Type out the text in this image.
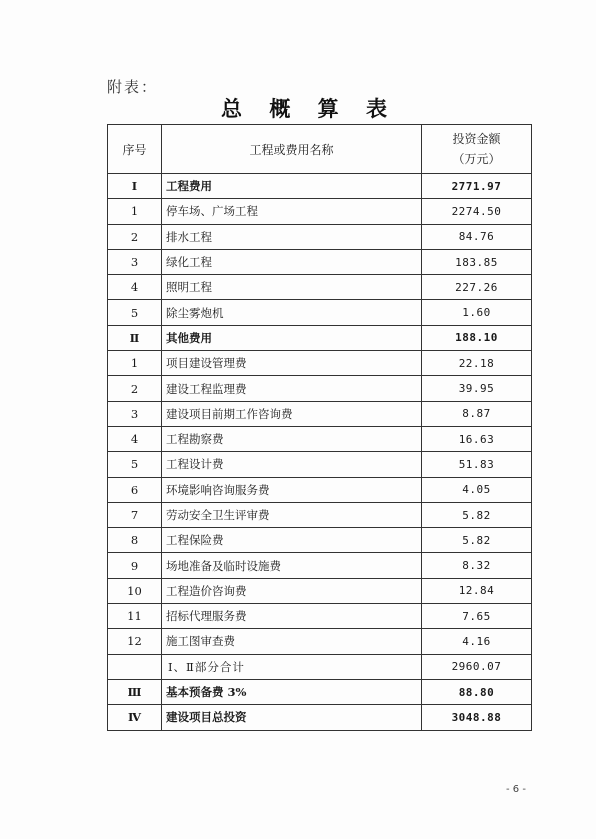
附表：
总 概 算 表
序号	工程或费用名称	投资金额
（万元）

Ⅰ	工程费用	2771.97
1	停车场、广场工程	2274.50
2	排水工程	84.76
3	绿化工程	183.85
4	照明工程	227.26
5	除尘雾炮机	1.60
Ⅱ	其他费用	188.10
1	项目建设管理费	22.18
2	建设工程监理费	39.95
3	建设项目前期工作咨询费	8.87
4	工程勘察费	16.63
5	工程设计费	51.83
6	环境影响咨询服务费	4.05
7	劳动安全卫生评审费	5.82
8	工程保险费	5.82
9	场地准备及临时设施费	8.32
10	工程造价咨询费	12.84
11	招标代理服务费	7.65
12	施工图审查费	4.16
	Ⅰ、Ⅱ部分合计	2960.07
Ⅲ	基本预备费 3%	88.80
Ⅳ	建设项目总投资	3048.88
- 6 -
